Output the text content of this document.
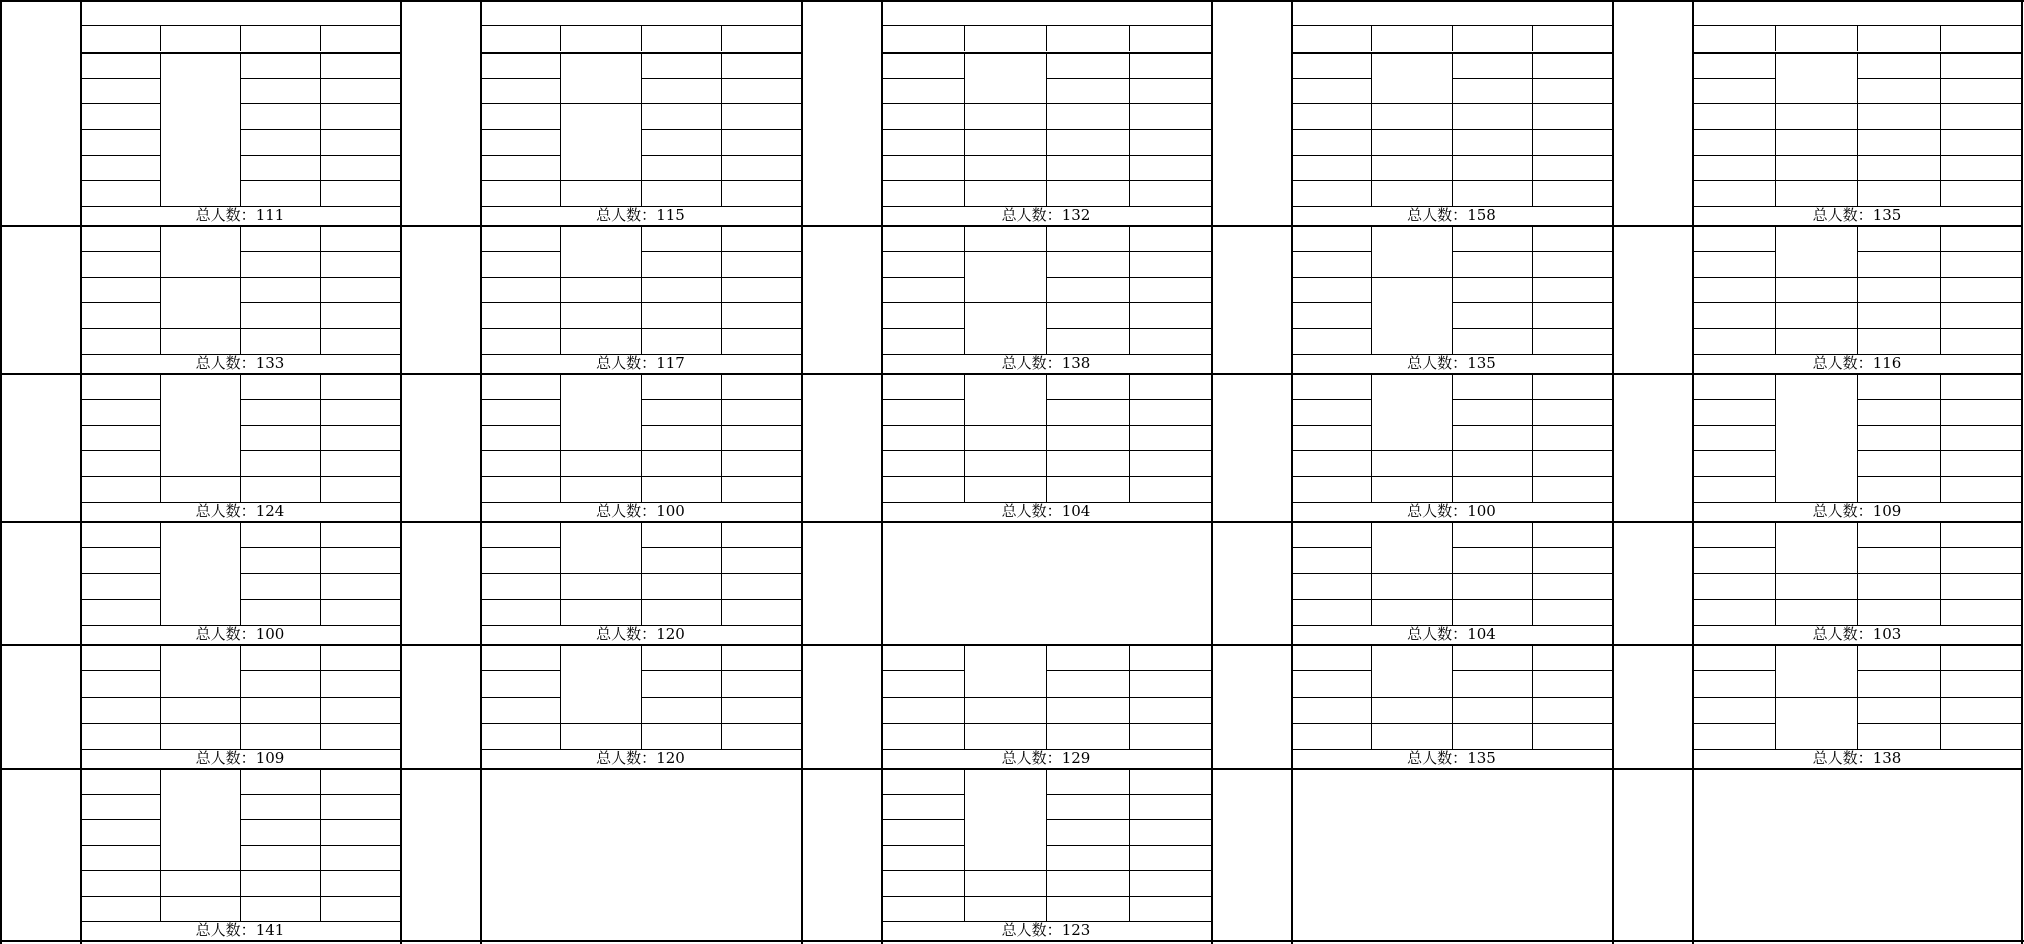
总人数： 111
总人数： 133
总人数： 124
总人数： 100
总人数： 109
总人数： 141
总人数： 115
总人数： 117
总人数： 100
总人数： 120
总人数： 120
总人数： 132
总人数： 138
总人数： 104
总人数： 129
总人数： 123
总人数： 158
总人数： 135
总人数： 100
总人数： 104
总人数： 135
总人数： 135
总人数： 116
总人数： 109
总人数： 103
总人数： 138
